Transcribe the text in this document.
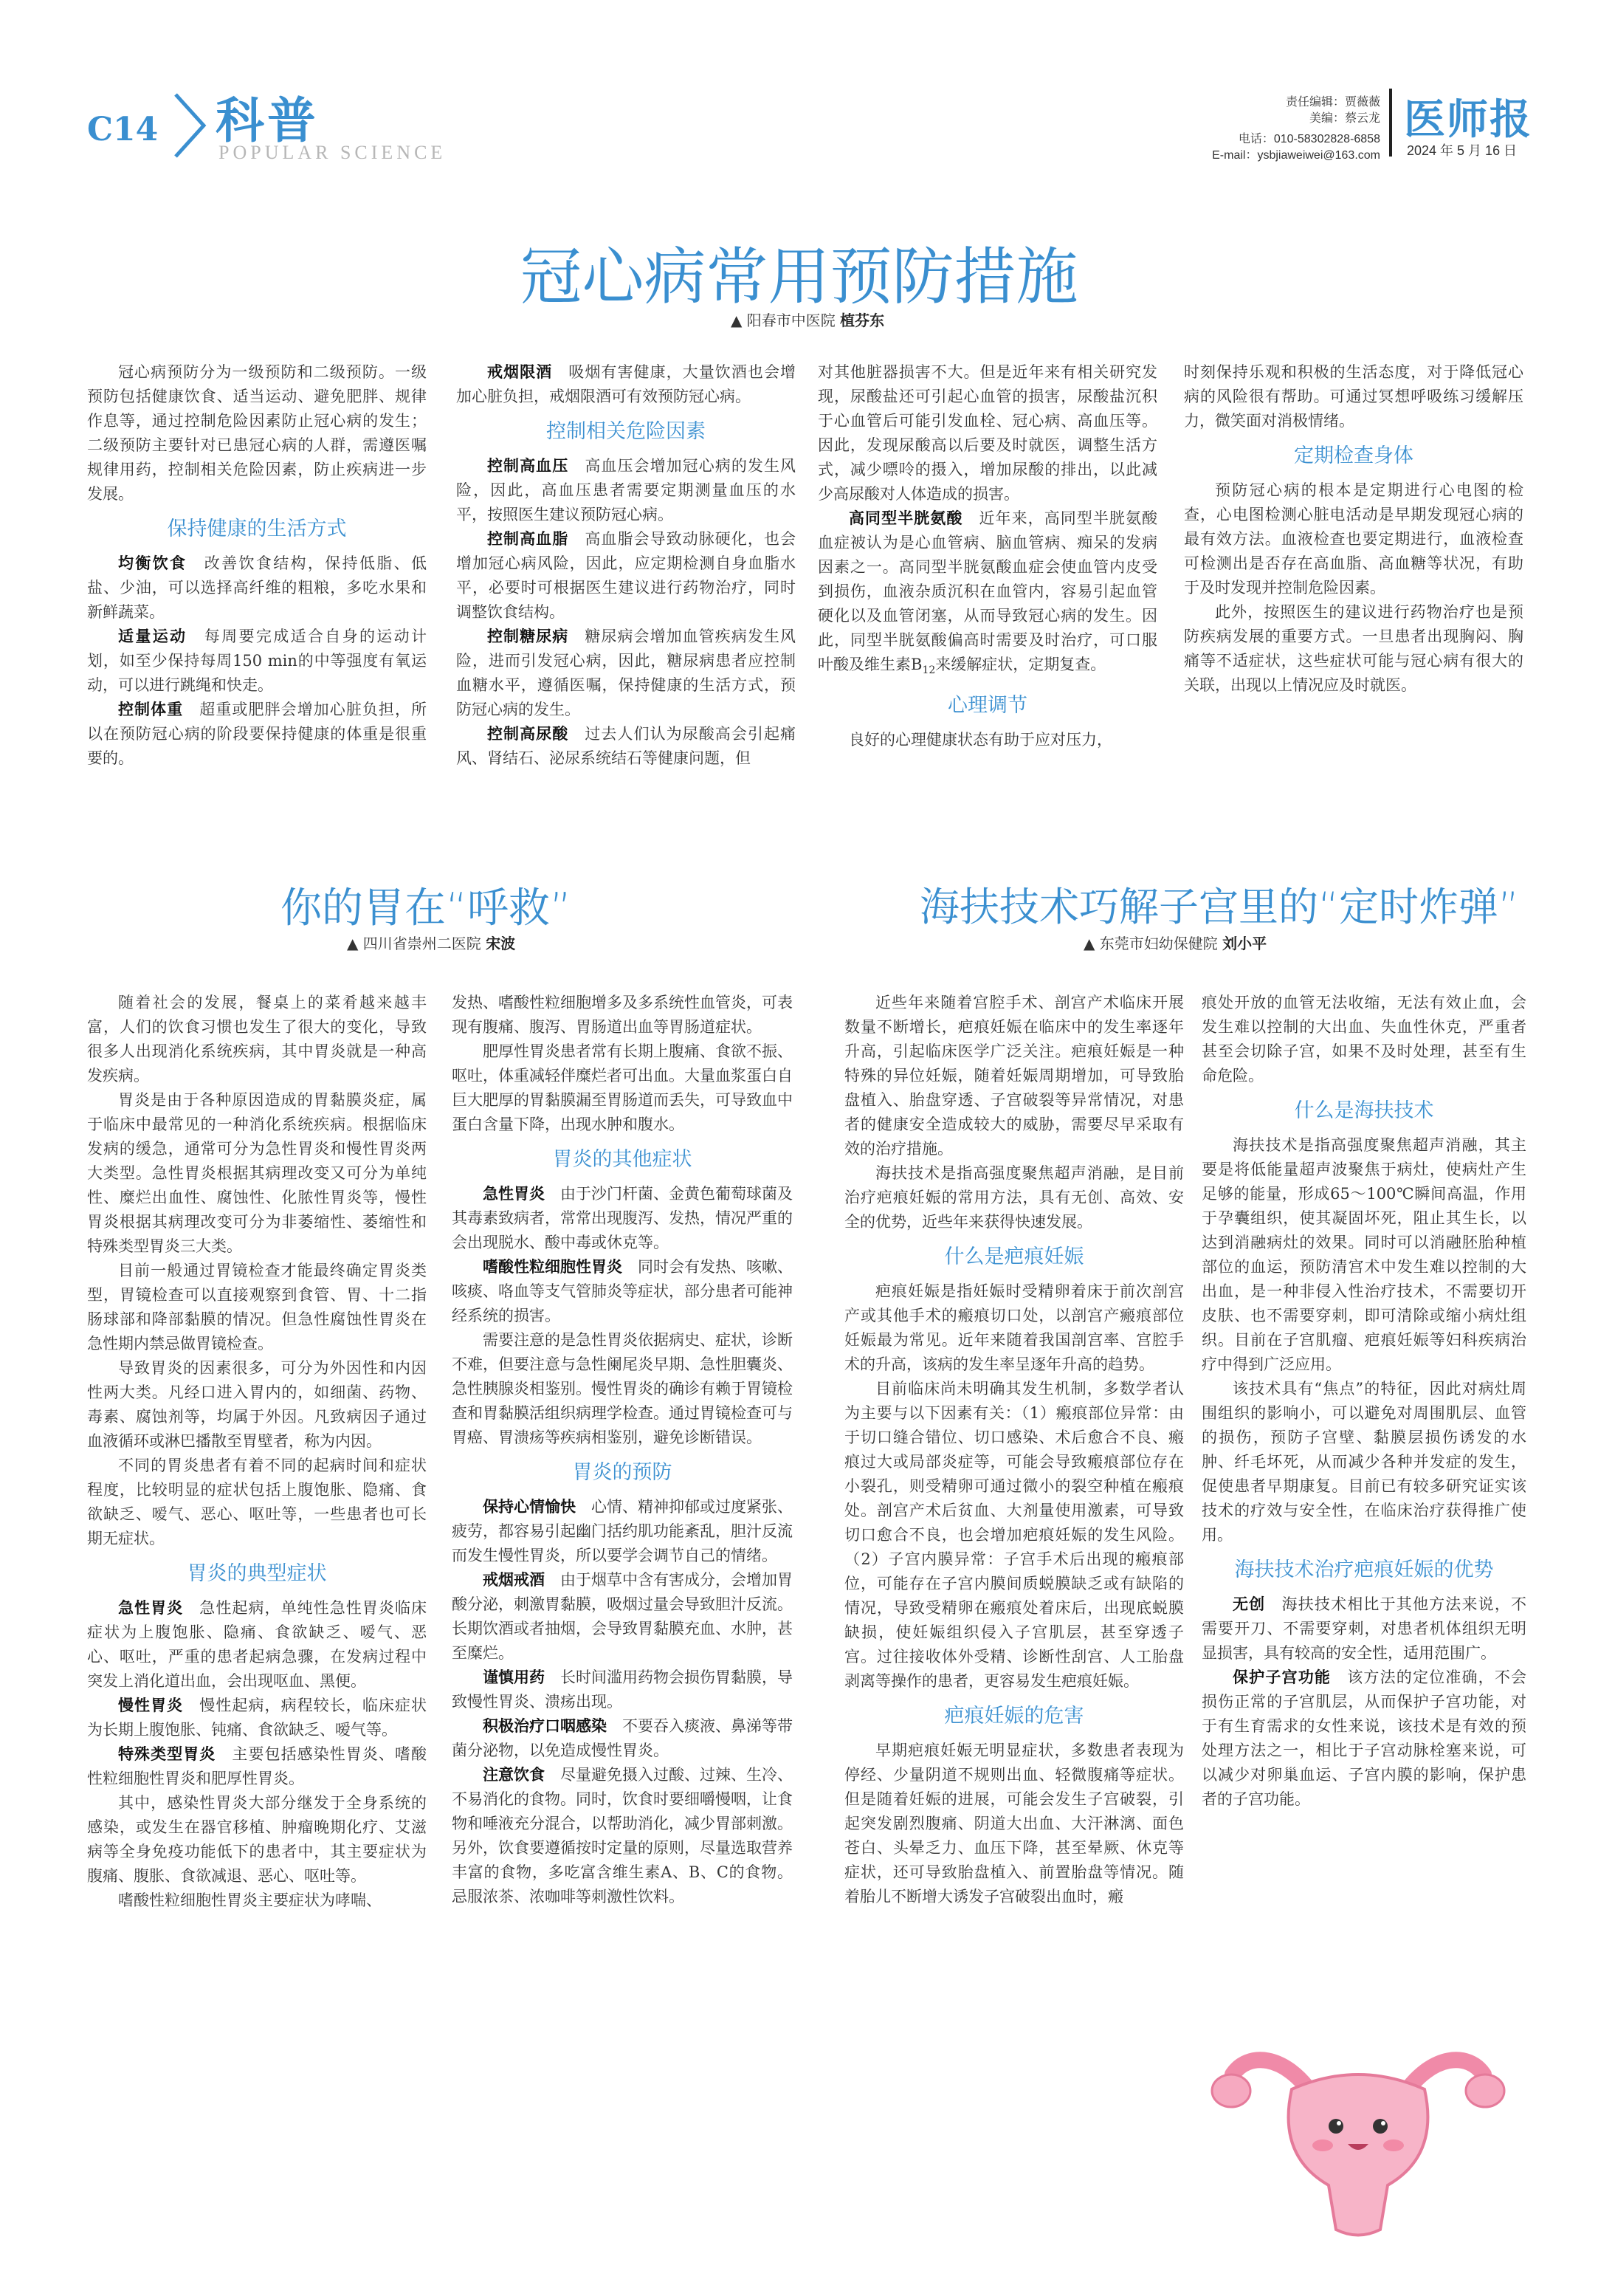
C14 科普
POPULAR SCIENCE
责任编辑：贾薇薇
美编：蔡云龙
电话：010-58302828-6858
E-mail：ysbjiaweiwei@163.com
医师报
2024 年 5 月 16 日
冠心病常用预防措施
▲ 阳春市中医院 植芬东

冠心病预防分为一级预防和二级预防。一级预防包括健康饮食、适当运动、避免肥胖、规律作息等，通过控制危险因素防止冠心病的发生；二级预防主要针对已患冠心病的人群，需遵医嘱规律用药，控制相关危险因素，防止疾病进一步发展。

保持健康的生活方式

均衡饮食　 改善饮食结构，保持低脂、低盐、少油，可以选择高纤维的粗粮，多吃水果和新鲜蔬菜。

适量运动　 每周要完成适合自身的运动计划，如至少保持每周150 min的中等强度有氧运动，可以进行跳绳和快走。

控制体重　 超重或肥胖会增加心脏负担，所以在预防冠心病的阶段要保持健康的体重是很重要的。

戒烟限酒　 吸烟有害健康，大量饮酒也会增加心脏负担，戒烟限酒可有效预防冠心病。

控制相关危险因素

控制高血压　 高血压会增加冠心病的发生风险，因此，高血压患者需要定期测量血压的水平，按照医生建议预防冠心病。

控制高血脂　 高血脂会导致动脉硬化，也会增加冠心病风险，因此，应定期检测自身血脂水平，必要时可根据医生建议进行药物治疗，同时调整饮食结构。

控制糖尿病　 糖尿病会增加血管疾病发生风险，进而引发冠心病，因此，糖尿病患者应控制血糖水平，遵循医嘱，保持健康的生活方式，预防冠心病的发生。

控制高尿酸　 过去人们认为尿酸高会引起痛风、肾结石、泌尿系统结石等健康问题，但

对其他脏器损害不大。但是近年来有相关研究发现，尿酸盐还可引起心血管的损害，尿酸盐沉积于心血管后可能引发血栓、冠心病、高血压等。因此，发现尿酸高以后要及时就医，调整生活方式，减少嘌呤的摄入，增加尿酸的排出，以此减少高尿酸对人体造成的损害。

高同型半胱氨酸　 近年来，高同型半胱氨酸血症被认为是心血管病、脑血管病、痴呆的发病因素之一。高同型半胱氨酸血症会使血管内皮受到损伤，血液杂质沉积在血管内，容易引起血管硬化以及血管闭塞，从而导致冠心病的发生。因此，同型半胱氨酸偏高时需要及时治疗，可口服叶酸及维生素$B_{12}$来缓解症状，定期复查。

心理调节

良好的心理健康状态有助于应对压力，

时刻保持乐观和积极的生活态度，对于降低冠心病的风险很有帮助。可通过冥想呼吸练习缓解压力，微笑面对消极情绪。

定期检查身体

预防冠心病的根本是定期进行心电图的检查，心电图检测心脏电活动是早期发现冠心病的最有效方法。血液检查也要定期进行，血液检查可检测出是否存在高血脂、高血糖等状况，有助于及时发现并控制危险因素。

此外，按照医生的建议进行药物治疗也是预防疾病发展的重要方式。一旦患者出现胸闷、胸痛等不适症状，这些症状可能与冠心病有很大的关联，出现以上情况应及时就医。

你的胃在“呼救”
▲ 四川省崇州二医院 宋波

随着社会的发展，餐桌上的菜肴越来越丰富，人们的饮食习惯也发生了很大的变化，导致很多人出现消化系统疾病，其中胃炎就是一种高发疾病。

胃炎是由于各种原因造成的胃黏膜炎症，属于临床中最常见的一种消化系统疾病。根据临床发病的缓急，通常可分为急性胃炎和慢性胃炎两大类型。急性胃炎根据其病理改变又可分为单纯性、糜烂出血性、腐蚀性、化脓性胃炎等，慢性胃炎根据其病理改变可分为非萎缩性、萎缩性和特殊类型胃炎三大类。

目前一般通过胃镜检查才能最终确定胃炎类型，胃镜检查可以直接观察到食管、胃、十二指肠球部和降部黏膜的情况。但急性腐蚀性胃炎在急性期内禁忌做胃镜检查。

导致胃炎的因素很多，可分为外因性和内因性两大类。凡经口进入胃内的，如细菌、药物、毒素、腐蚀剂等，均属于外因。凡致病因子通过血液循环或淋巴播散至胃壁者，称为内因。

不同的胃炎患者有着不同的起病时间和症状程度，比较明显的症状包括上腹饱胀、隐痛、食欲缺乏、嗳气、恶心、呕吐等，一些患者也可长期无症状。

胃炎的典型症状

急性胃炎　 急性起病，单纯性急性胃炎临床症状为上腹饱胀、隐痛、食欲缺乏、嗳气、恶心、呕吐，严重的患者起病急骤，在发病过程中突发上消化道出血，会出现呕血、黑便。

慢性胃炎　 慢性起病，病程较长，临床症状为长期上腹饱胀、钝痛、食欲缺乏、嗳气等。

特殊类型胃炎　 主要包括感染性胃炎、嗜酸性粒细胞性胃炎和肥厚性胃炎。

其中，感染性胃炎大部分继发于全身系统的感染，或发生在器官移植、肿瘤晚期化疗、艾滋病等全身免疫功能低下的患者中，其主要症状为腹痛、腹胀、食欲减退、恶心、呕吐等。

嗜酸性粒细胞性胃炎主要症状为哮喘、

发热、嗜酸性粒细胞增多及多系统性血管炎，可表现有腹痛、腹泻、胃肠道出血等胃肠道症状。

肥厚性胃炎患者常有长期上腹痛、食欲不振、呕吐，体重减轻伴糜烂者可出血。大量血浆蛋白自巨大肥厚的胃黏膜漏至胃肠道而丢失，可导致血中蛋白含量下降，出现水肿和腹水。

胃炎的其他症状

急性胃炎　 由于沙门杆菌、金黄色葡萄球菌及其毒素致病者，常常出现腹泻、发热，情况严重的会出现脱水、酸中毒或休克等。

嗜酸性粒细胞性胃炎　 同时会有发热、咳嗽、咳痰、咯血等支气管肺炎等症状，部分患者可能神经系统的损害。

需要注意的是急性胃炎依据病史、症状，诊断不难，但要注意与急性阑尾炎早期、急性胆囊炎、急性胰腺炎相鉴别。慢性胃炎的确诊有赖于胃镜检查和胃黏膜活组织病理学检查。通过胃镜检查可与胃癌、胃溃疡等疾病相鉴别，避免诊断错误。

胃炎的预防

保持心情愉快　 心情、精神抑郁或过度紧张、疲劳，都容易引起幽门括约肌功能紊乱，胆汁反流而发生慢性胃炎，所以要学会调节自己的情绪。

戒烟戒酒　 由于烟草中含有害成分，会增加胃酸分泌，刺激胃黏膜，吸烟过量会导致胆汁反流。长期饮酒或者抽烟，会导致胃黏膜充血、水肿，甚至糜烂。

谨慎用药　 长时间滥用药物会损伤胃黏膜，导致慢性胃炎、溃疡出现。

积极治疗口咽感染　 不要吞入痰液、鼻涕等带菌分泌物，以免造成慢性胃炎。

注意饮食　 尽量避免摄入过酸、过辣、生冷、不易消化的食物。同时，饮食时要细嚼慢咽，让食物和唾液充分混合，以帮助消化，减少胃部刺激。另外，饮食要遵循按时定量的原则，尽量选取营养丰富的食物，多吃富含维生素A、B、C的食物。忌服浓茶、浓咖啡等刺激性饮料。

海扶技术巧解子宫里的“定时炸弹”
▲ 东莞市妇幼保健院 刘小平

近些年来随着宫腔手术、剖宫产术临床开展数量不断增长，疤痕妊娠在临床中的发生率逐年升高，引起临床医学广泛关注。疤痕妊娠是一种特殊的异位妊娠，随着妊娠周期增加，可导致胎盘植入、胎盘穿透、子宫破裂等异常情况，对患者的健康安全造成较大的威胁，需要尽早采取有效的治疗措施。

海扶技术是指高强度聚焦超声消融，是目前治疗疤痕妊娠的常用方法，具有无创、高效、安全的优势，近些年来获得快速发展。

什么是疤痕妊娠

疤痕妊娠是指妊娠时受精卵着床于前次剖宫产或其他手术的瘢痕切口处，以剖宫产瘢痕部位妊娠最为常见。近年来随着我国剖宫率、宫腔手术的升高，该病的发生率呈逐年升高的趋势。

目前临床尚未明确其发生机制，多数学者认为主要与以下因素有关：（1）瘢痕部位异常：由于切口缝合错位、切口感染、术后愈合不良、瘢痕过大或局部炎症等，可能会导致瘢痕部位存在小裂孔，则受精卵可通过微小的裂空种植在瘢痕处。剖宫产术后贫血、大剂量使用激素，可导致切口愈合不良，也会增加疤痕妊娠的发生风险。（2）子宫内膜异常：子宫手术后出现的瘢痕部位，可能存在子宫内膜间质蜕膜缺乏或有缺陷的情况，导致受精卵在瘢痕处着床后，出现底蜕膜缺损，使妊娠组织侵入子宫肌层，甚至穿透子宫。过往接收体外受精、诊断性刮宫、人工胎盘剥离等操作的患者，更容易发生疤痕妊娠。

疤痕妊娠的危害

早期疤痕妊娠无明显症状，多数患者表现为停经、少量阴道不规则出血、轻微腹痛等症状。但是随着妊娠的进展，可能会发生子宫破裂，引起突发剧烈腹痛、阴道大出血、大汗淋漓、面色苍白、头晕乏力、血压下降，甚至晕厥、休克等症状，还可导致胎盘植入、前置胎盘等情况。随着胎儿不断增大诱发子宫破裂出血时，瘢

痕处开放的血管无法收缩，无法有效止血，会发生难以控制的大出血、失血性休克，严重者甚至会切除子宫，如果不及时处理，甚至有生命危险。

什么是海扶技术

海扶技术是指高强度聚焦超声消融，其主要是将低能量超声波聚焦于病灶，使病灶产生足够的能量，形成65～100℃瞬间高温，作用于孕囊组织，使其凝固坏死，阻止其生长，以达到消融病灶的效果。同时可以消融胚胎种植部位的血运，预防清宫术中发生难以控制的大出血，是一种非侵入性治疗技术，不需要切开皮肤、也不需要穿刺，即可清除或缩小病灶组织。目前在子宫肌瘤、疤痕妊娠等妇科疾病治疗中得到广泛应用。

该技术具有“焦点”的特征，因此对病灶周围组织的影响小，可以避免对周围肌层、血管的损伤，预防子宫壁、黏膜层损伤诱发的水肿、纤毛坏死，从而减少各种并发症的发生，促使患者早期康复。目前已有较多研究证实该技术的疗效与安全性，在临床治疗获得推广使用。

海扶技术治疗疤痕妊娠的优势

无创　 海扶技术相比于其他方法来说，不需要开刀、不需要穿刺，对患者机体组织无明显损害，具有较高的安全性，适用范围广。

保护子宫功能　 该方法的定位准确，不会损伤正常的子宫肌层，从而保护子宫功能，对于有生育需求的女性来说，该技术是有效的预处理方法之一，相比于子宫动脉栓塞来说，可以减少对卵巢血运、子宫内膜的影响，保护患者的子宫功能。
